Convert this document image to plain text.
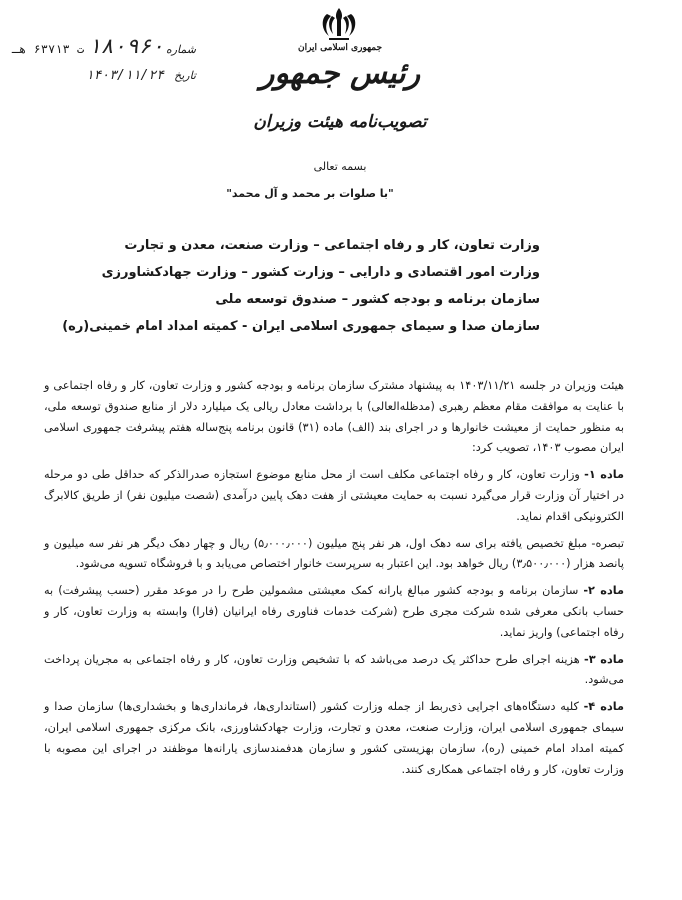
جمهوری اسلامی ایران
رئیس جمهور
تصویب‌نامه هیئت وزیران
شماره
۱۸۰۹۶۰
ت ۶۳۷۱۳ هـ
تاریخ
۱۴۰۳/۱۱/۲۴
بسمه تعالی
"با صلوات بر محمد و آل محمد"
وزارت تعاون، کار و رفاه اجتماعی – وزارت صنعت، معدن و تجارت
وزارت امور اقتصادی و دارایی – وزارت کشور – وزارت جهادکشاورزی
سازمان برنامه و بودجه کشور – صندوق توسعه ملی
سازمان صدا و سیمای جمهوری اسلامی ایران - کمیته امداد امام خمینی(ره)

هیئت وزیران در جلسه ۱۴۰۳/۱۱/۲۱ به پیشنهاد مشترک سازمان برنامه و بودجه کشور و وزارت تعاون، کار و رفاه اجتماعی و با عنایت به موافقت مقام معظم رهبری (مدظله‌العالی) با برداشت معادل ریالی یک میلیارد دلار از منابع صندوق توسعه ملی، به منظور حمایت از معیشت خانوارها و در اجرای بند (الف) ماده (۳۱) قانون برنامه پنج‌ساله هفتم پیشرفت جمهوری اسلامی ایران مصوب ۱۴۰۳، تصویب کرد:

ماده ۱- وزارت تعاون، کار و رفاه اجتماعی مکلف است از محل منابع موضوع استجازه صدرالذکر که حداقل طی دو مرحله در اختیار آن وزارت قرار می‌گیرد نسبت به حمایت معیشتی از هفت دهک پایین درآمدی (شصت میلیون نفر) از طریق کالابرگ الکترونیکی اقدام نماید.

تبصره- مبلغ تخصیص یافته برای سه دهک اول، هر نفر پنج میلیون (۵٫۰۰۰٫۰۰۰) ریال و چهار دهک دیگر هر نفر سه میلیون و پانصد هزار (۳٫۵۰۰٫۰۰۰) ریال خواهد بود. این اعتبار به سرپرست خانوار اختصاص می‌یابد و با فروشگاه تسویه می‌شود.

ماده ۲- سازمان برنامه و بودجه کشور مبالغ یارانه کمک معیشتی مشمولین طرح را در موعد مقرر (حسب پیشرفت) به حساب بانکی معرفی شده شرکت مجری طرح (شرکت خدمات فناوری رفاه ایرانیان (فارا) وابسته به وزارت تعاون، کار و رفاه اجتماعی) واریز نماید.

ماده ۳- هزینه اجرای طرح حداکثر یک درصد می‌باشد که با تشخیص وزارت تعاون، کار و رفاه اجتماعی به مجریان پرداخت می‌شود.

ماده ۴- کلیه دستگاه‌های اجرایی ذی‌ربط از جمله وزارت کشور (استانداری‌ها، فرمانداری‌ها و بخشداری‌ها) سازمان صدا و سیمای جمهوری اسلامی ایران، وزارت صنعت، معدن و تجارت، وزارت جهادکشاورزی، بانک مرکزی جمهوری اسلامی ایران، کمیته امداد امام خمینی (ره)، سازمان بهزیستی کشور و سازمان هدفمندسازی یارانه‌ها موظفند در اجرای این مصوبه با وزارت تعاون، کار و رفاه اجتماعی همکاری کنند.
